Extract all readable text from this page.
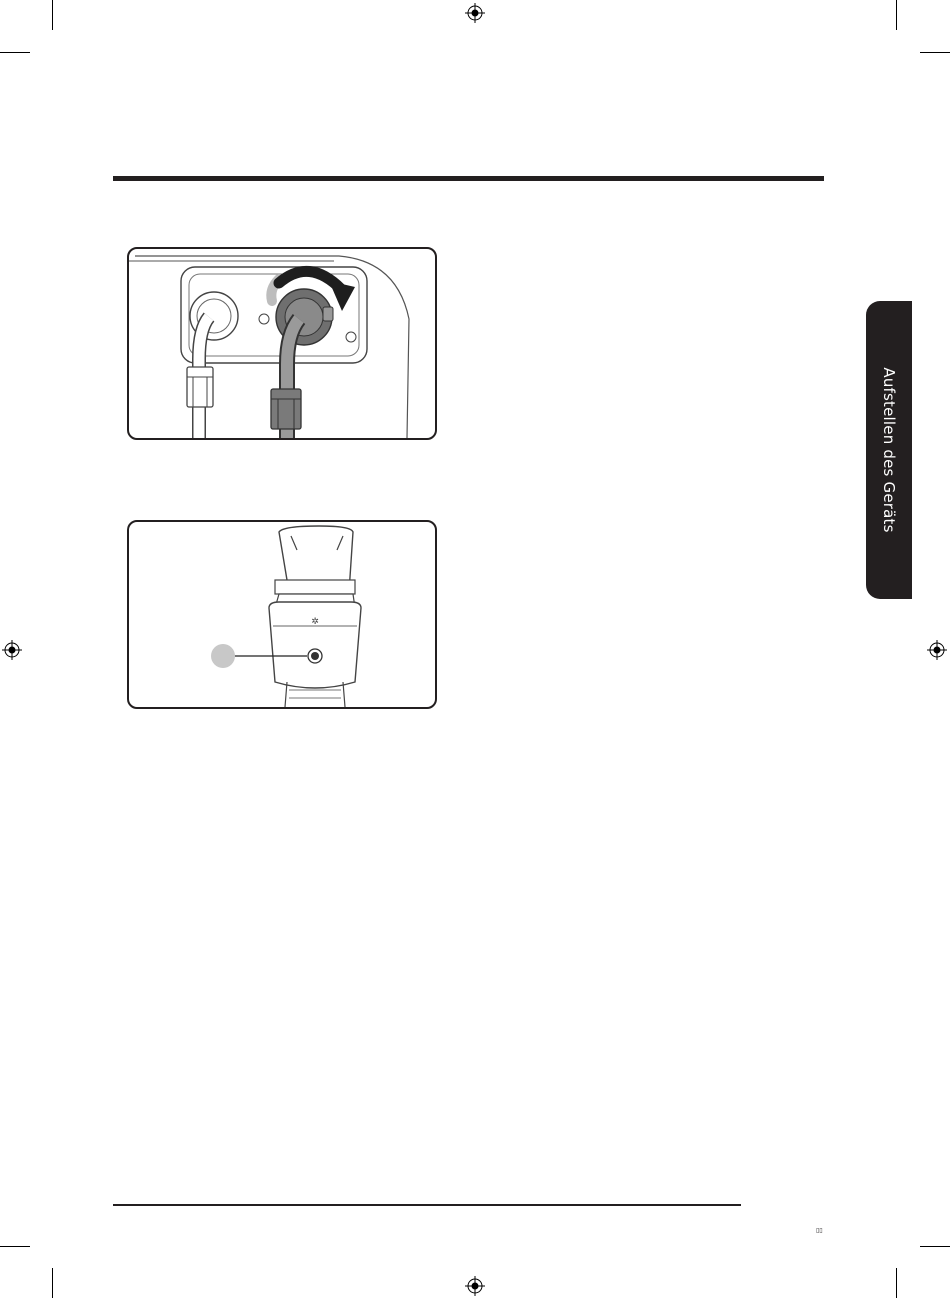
✲
Aufstellen des Geräts
▯▯
